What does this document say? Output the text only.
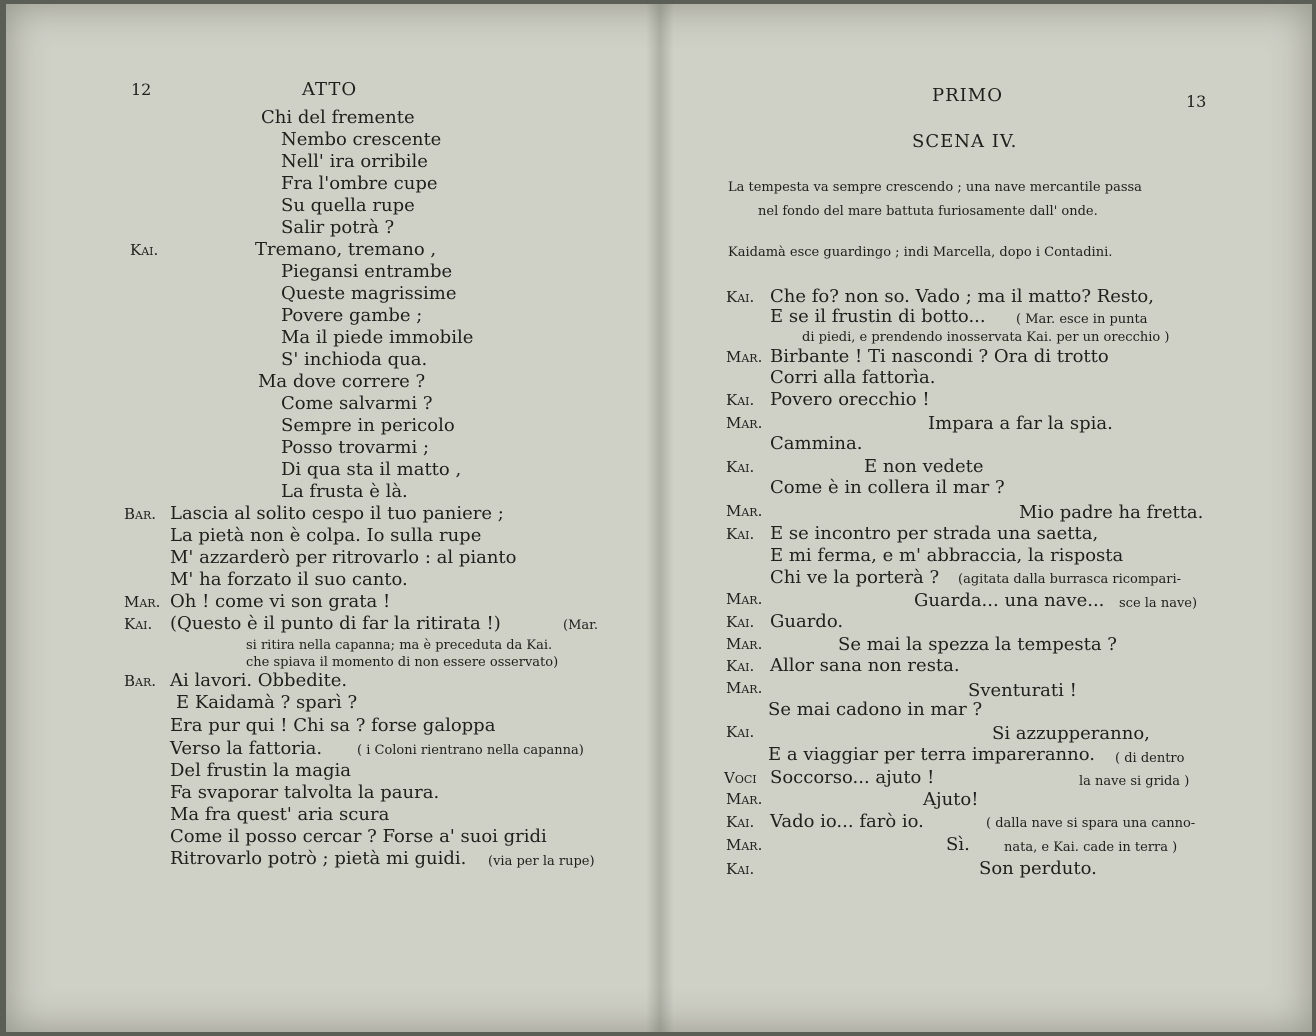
12	ATTO
Chi del fremente
Nembo crescente
Nell' ira orribile
Fra l'ombre cupe
Su quella rupe
Salir potrà ?
Kai.	Tremano, tremano ,
Piegansi entrambe
Queste magrissime
Povere gambe ;
Ma il piede immobile
S' inchioda qua.
Ma dove correre ?
Come salvarmi ?
Sempre in pericolo
Posso trovarmi ;
Di qua sta il matto ,
La frusta è là.
Bar. Lascia al solito cespo il tuo paniere ;
La pietà non è colpa. Io sulla rupe
M' azzarderò per ritrovarlo : al pianto
M' ha forzato il suo canto.
Mar. Oh ! come vi son grata !
Kai. (Questo è il punto di far la ritirata !)	(Mar.
si ritira nella capanna; ma è preceduta da Kai.
che spiava il momento di non essere osservato)
Bar. Ai lavori. Obbedite.
E Kaidamà ? sparì ?
Era pur qui ! Chi sa ? forse galoppa
Verso la fattoria.	( i Coloni rientrano nella capanna)
Del frustin la magia
Fa svaporar talvolta la paura.
Ma fra quest' aria scura
Come il posso cercar ? Forse a' suoi gridi
Ritrovarlo potrò ; pietà mi guidi. (via per la rupe)
PRIMO	13
SCENA IV.
La tempesta va sempre crescendo ; una nave mercantile passa
nel fondo del mare battuta furiosamente dall' onde.
Kaidamà esce guardingo ; indi Marcella, dopo i Contadini.
Kai. Che fo? non so. Vado ; ma il matto? Resto,
E se il frustin di botto... ( Mar. esce in punta
di piedi, e prendendo inosservata Kai. per un orecchio )
Mar. Birbante ! Ti nascondi ? Ora di trotto
Corri alla fattorìa.
Kai. Povero orecchio !
Mar.	Impara a far la spia.
Cammina.
Kai.	E non vedete
Come è in collera il mar ?
Mar.	Mio padre ha fretta.
Kai. E se incontro per strada una saetta,
E mi ferma, e m' abbraccia, la risposta
Chi ve la porterà ? (agitata dalla burrasca ricompari-
Mar.	Guarda... una nave... sce la nave)
Kai. Guardo.
Mar.	Se mai la spezza la tempesta ?
Kai. Allor sana non resta.
Mar.	Sventurati !
Se mai cadono in mar ?
Kai.	Si azzupperanno,
E a viaggiar per terra impareranno. ( di dentro
Voci Soccorso... ajuto !	la nave si grida )
Mar.	Ajuto!
Kai. Vado io... farò io.	( dalla nave si spara una canno-
Mar.	Sì.	nata, e Kai. cade in terra )
Kai.	Son perduto.
